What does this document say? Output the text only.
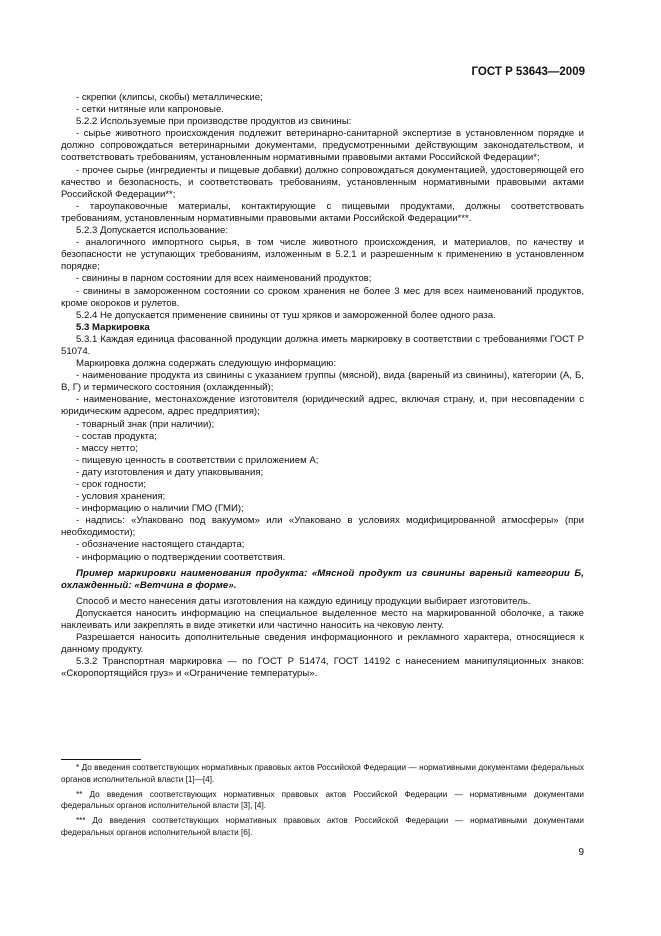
ГОСТ Р 53643—2009

- скрепки (клипсы, скобы) металлические;

- сетки нитяные или капроновые.

5.2.2 Используемые при производстве продуктов из свинины:

- сырье животного происхождения подлежит ветеринарно-санитарной экспертизе в установленном порядке и должно сопровождаться ветеринарными документами, предусмотренными действующим законодательством, и соответствовать требованиям, установленным нормативными правовыми актами Российской Федерации*;

- прочее сырье (ингредиенты и пищевые добавки) должно сопровождаться документацией, удостоверяющей его качество и безопасность, и соответствовать требованиям, установленным нормативными правовыми актами Российской Федерации**;

- тароупаковочные материалы, контактирующие с пищевыми продуктами, должны соответствовать требованиям, установленным нормативными правовыми актами Российской Федерации***.

5.2.3 Допускается использование:

- аналогичного импортного сырья, в том числе животного происхождения, и материалов, по качеству и безопасности не уступающих требованиям, изложенным в 5.2.1 и разрешенным к применению в установленном порядке;

- свинины в парном состоянии для всех наименований продуктов;

- свинины в замороженном состоянии со сроком хранения не более 3 мес для всех наименований продуктов, кроме окороков и рулетов.

5.2.4 Не допускается применение свинины от туш хряков и замороженной более одного раза.

5.3 Маркировка

5.3.1 Каждая единица фасованной продукции должна иметь маркировку в соответствии с требованиями ГОСТ Р 51074.

Маркировка должна содержать следующую информацию:

- наименование продукта из свинины с указанием группы (мясной), вида (вареный из свинины), категории (А, Б, В, Г) и термического состояния (охлажденный);

- наименование, местонахождение изготовителя (юридический адрес, включая страну, и, при несовпадении с юридическим адресом, адрес предприятия);

- товарный знак (при наличии);

- состав продукта;

- массу нетто;

- пищевую ценность в соответствии с приложением А;

- дату изготовления и дату упаковывания;

- срок годности;

- условия хранения;

- информацию о наличии ГМО (ГМИ);

- надпись: «Упаковано под вакуумом» или «Упаковано в условиях модифицированной атмосферы» (при необходимости);

- обозначение настоящего стандарта;

- информацию о подтверждении соответствия.

Пример маркировки наименования продукта: «Мясной продукт из свинины вареный категории Б, охлажденный: «Ветчина в форме».

Способ и место нанесения даты изготовления на каждую единицу продукции выбирает изготовитель.

Допускается наносить информацию на специальное выделенное место на маркированной оболочке, а также наклеивать или закреплять в виде этикетки или частично наносить на чековую ленту.

Разрешается наносить дополнительные сведения информационного и рекламного характера, относящиеся к данному продукту.

5.3.2 Транспортная маркировка — по ГОСТ Р 51474, ГОСТ 14192 с нанесением манипуляционных знаков: «Скоропортящийся груз» и «Ограничение температуры».

* До введения соответствующих нормативных правовых актов Российской Федерации — нормативными документами федеральных органов исполнительной власти [1]—[4].

** До введения соответствующих нормативных правовых актов Российской Федерации — нормативными документами федеральных органов исполнительной власти [3], [4].

*** До введения соответствующих нормативных правовых актов Российской Федерации — нормативными документами федеральных органов исполнительной власти [6].

9
